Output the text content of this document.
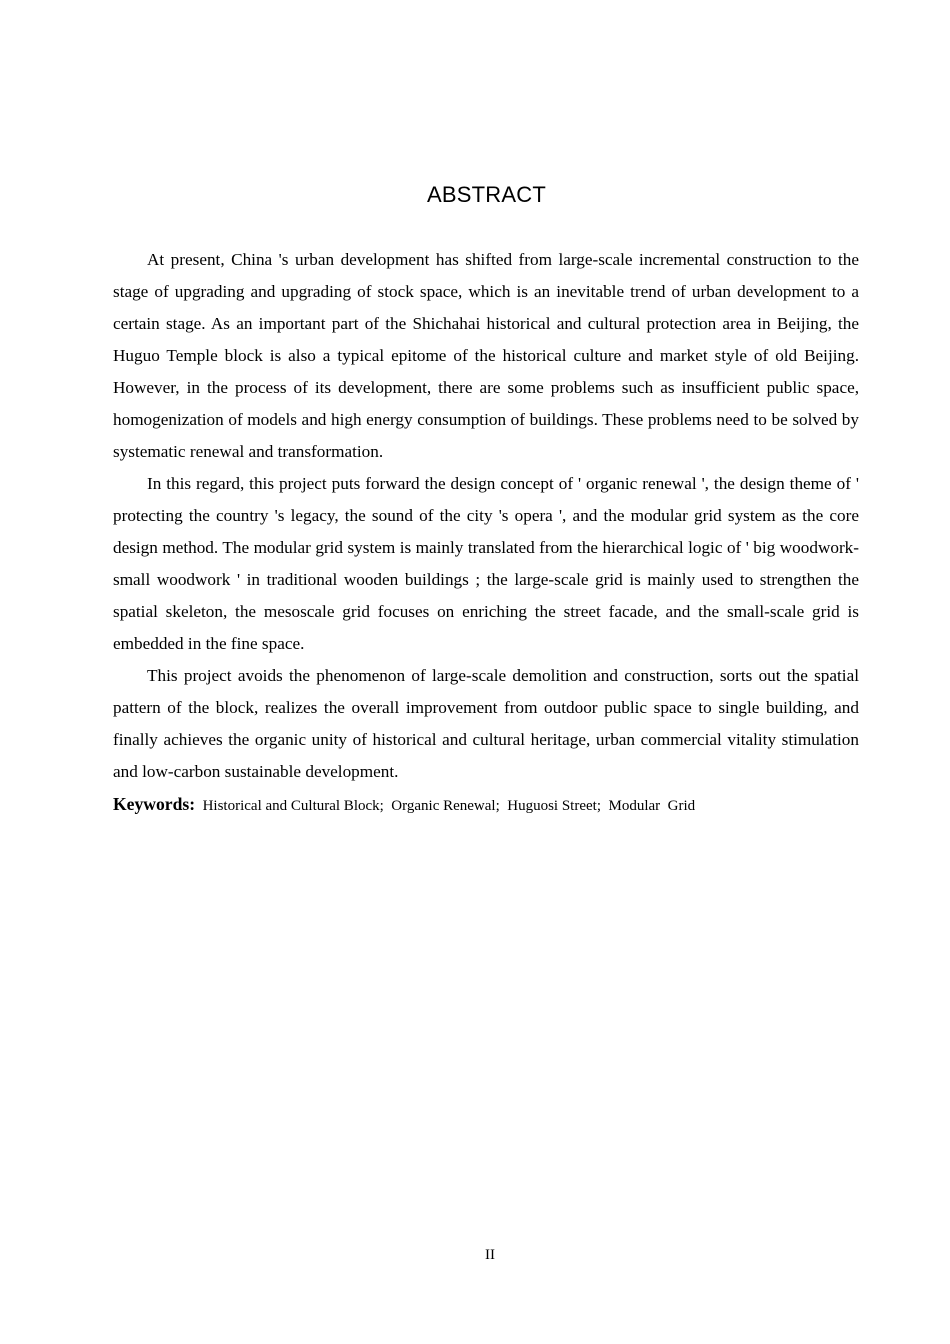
ABSTRACT

At present, China 's urban development has shifted from large-scale incremental construction to the stage of upgrading and upgrading of stock space, which is an inevitable trend of urban development to a certain stage. As an important part of the Shichahai historical and cultural protection area in Beijing, the Huguo Temple block is also a typical epitome of the historical culture and market style of old Beijing. However, in the process of its development, there are some problems such as insufficient public space, homogenization of models and high energy consumption of buildings. These problems need to be solved by systematic renewal and transformation.

In this regard, this project puts forward the design concept of ' organic renewal ', the design theme of ' protecting the country 's legacy, the sound of the city 's opera ', and the modular grid system as the core design method. The modular grid system is mainly translated from the hierarchical logic of ' big woodwork-small woodwork ' in traditional wooden buildings ; the large-scale grid is mainly used to strengthen the spatial skeleton, the mesoscale grid focuses on enriching the street facade, and the small-scale grid is embedded in the fine space.

This project avoids the phenomenon of large-scale demolition and construction, sorts out the spatial pattern of the block, realizes the overall improvement from outdoor public space to single building, and finally achieves the organic unity of historical and cultural heritage, urban commercial vitality stimulation and low-carbon sustainable development.

Keywords:  Historical and Cultural Block;  Organic Renewal;  Huguosi Street;  Modular  Grid

II
